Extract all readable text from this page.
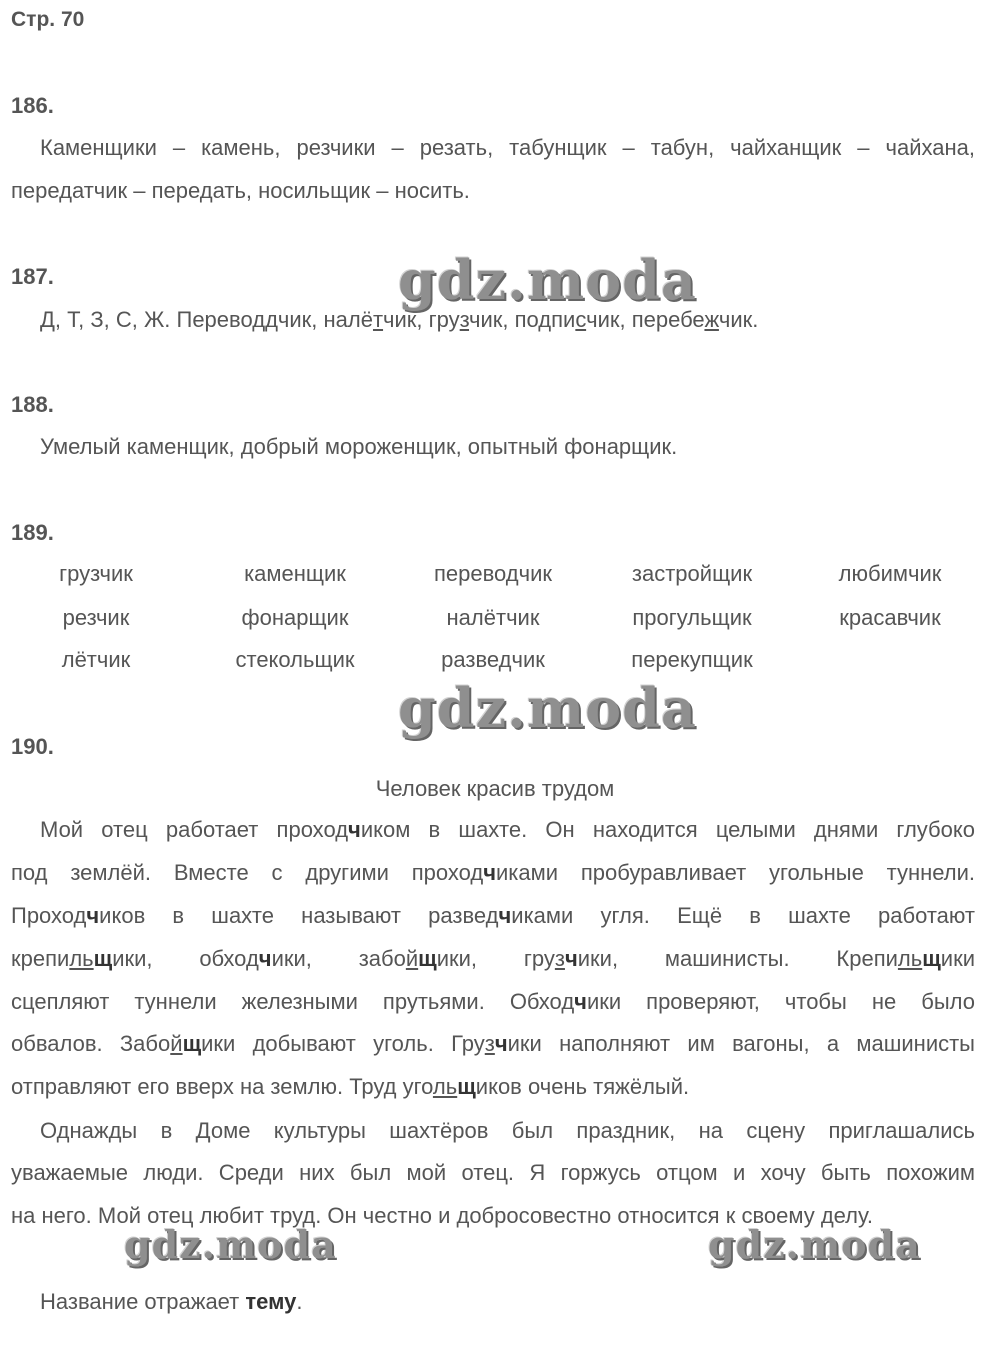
Стр. 70
186.
Каменщики – камень, резчики – резать, табунщик – табун, чайханщик – чайхана,
передатчик – передать, носильщик – носить.
gdz.moda
187.
Д, Т, З, С, Ж. Переводдчик, налётчик, грузчик, подписчик, перебежчик.
188.
Умелый каменщик, добрый мороженщик, опытный фонарщик.
189.
грузчик	каменщик	переводчик	застройщик	любимчик
резчик	фонарщик	налётчик	прогульщик	красавчик
лётчик	стекольщик	разведчик	перекупщик
gdz.moda
190.
Человек красив трудом
Мой отец работает проходчиком в шахте. Он находится целыми днями глубоко
под землёй. Вместе с другими проходчиками пробуравливает угольные туннели.
Проходчиков в шахте называют разведчиками угля. Ещё в шахте работают
крепильщики, обходчики, забойщики, грузчики, машинисты. Крепильщики
сцепляют туннели железными прутьями. Обходчики проверяют, чтобы не было
обвалов. Забойщики добывают уголь. Грузчики наполняют им вагоны, а машинисты
отправляют его вверх на землю. Труд угольщиков очень тяжёлый.
Однажды в Доме культуры шахтёров был праздник, на сцену приглашались
уважаемые люди. Среди них был мой отец. Я горжусь отцом и хочу быть похожим
на него. Мой отец любит труд. Он честно и добросовестно относится к своему делу.
Название отражает тему.
gdz.moda	gdz.moda
